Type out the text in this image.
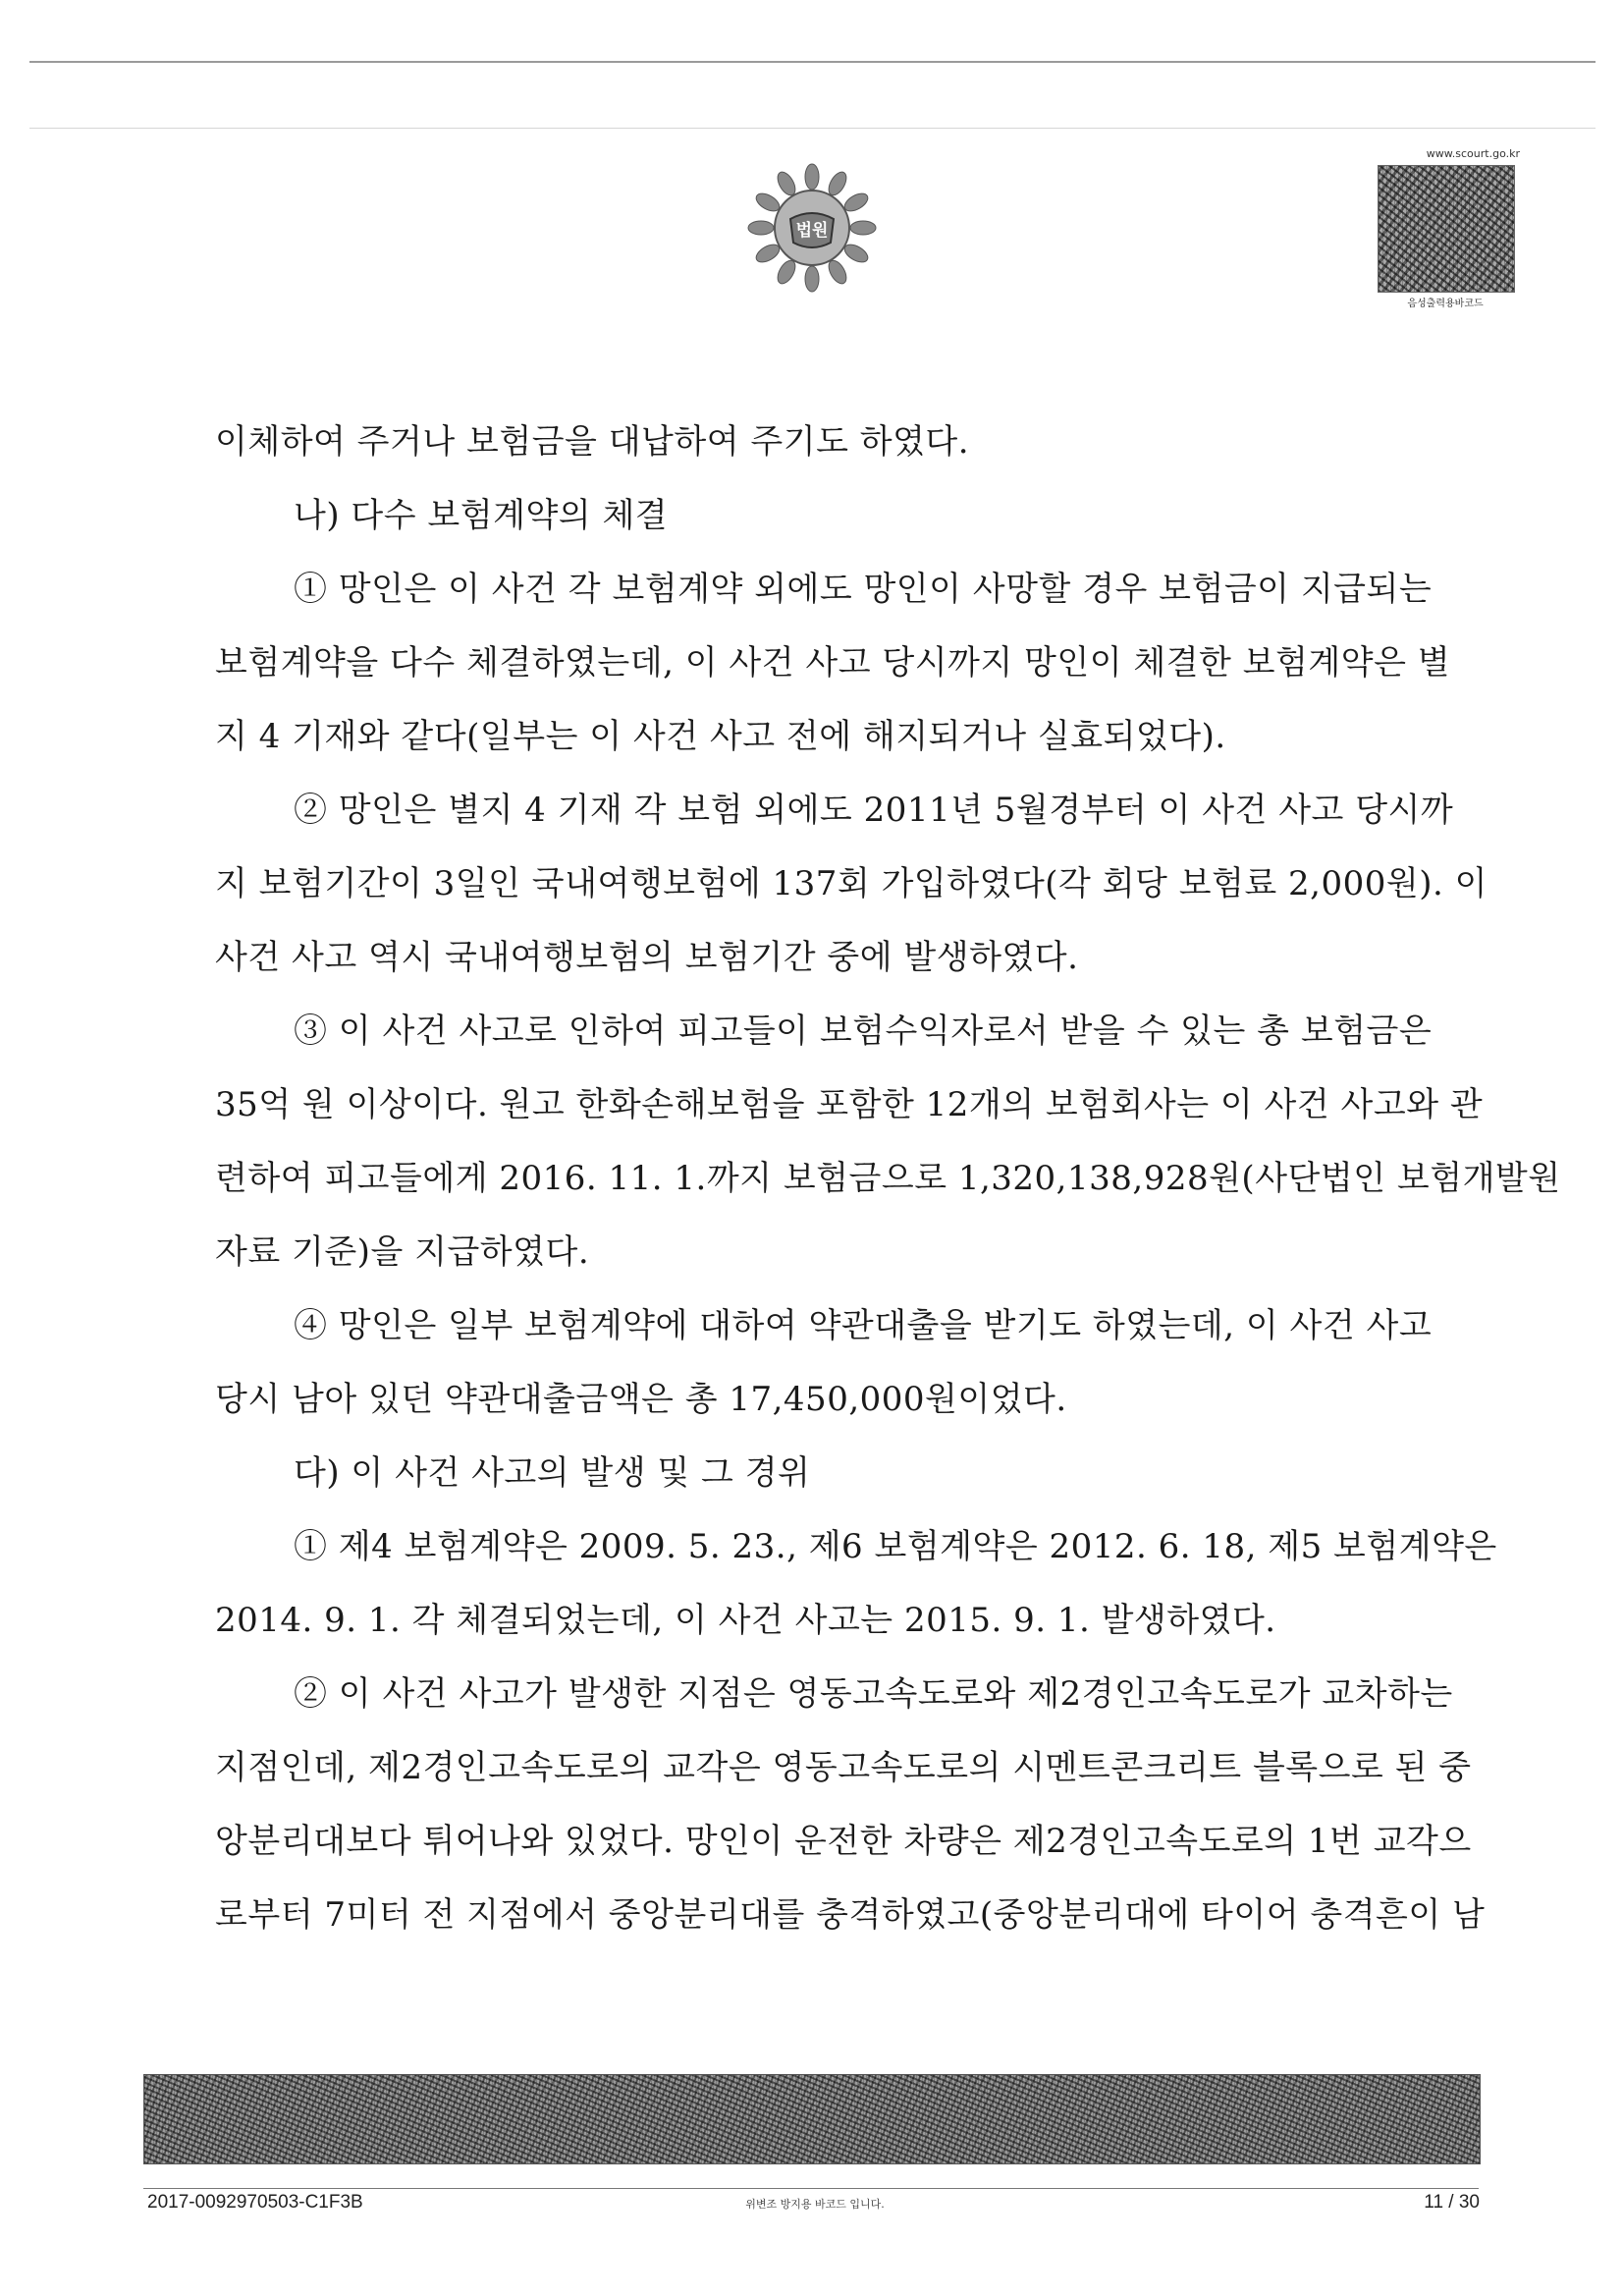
법원
www.scourt.go.kr
음성출력용바코드
이체하여 주거나 보험금을 대납하여 주기도 하였다.
나) 다수 보험계약의 체결
① 망인은 이 사건 각 보험계약 외에도 망인이 사망할 경우 보험금이 지급되는
보험계약을 다수 체결하였는데, 이 사건 사고 당시까지 망인이 체결한 보험계약은 별
지 4 기재와 같다(일부는 이 사건 사고 전에 해지되거나 실효되었다).
② 망인은 별지 4 기재 각 보험 외에도 2011년 5월경부터 이 사건 사고 당시까
지 보험기간이 3일인 국내여행보험에 137회 가입하였다(각 회당 보험료 2,000원). 이
사건 사고 역시 국내여행보험의 보험기간 중에 발생하였다.
③ 이 사건 사고로 인하여 피고들이 보험수익자로서 받을 수 있는 총 보험금은
35억 원 이상이다. 원고 한화손해보험을 포함한 12개의 보험회사는 이 사건 사고와 관
련하여 피고들에게 2016. 11. 1.까지 보험금으로 1,320,138,928원(사단법인 보험개발원
자료 기준)을 지급하였다.
④ 망인은 일부 보험계약에 대하여 약관대출을 받기도 하였는데, 이 사건 사고
당시 남아 있던 약관대출금액은 총 17,450,000원이었다.
다) 이 사건 사고의 발생 및 그 경위
① 제4 보험계약은 2009. 5. 23., 제6 보험계약은 2012. 6. 18, 제5 보험계약은
2014. 9. 1. 각 체결되었는데, 이 사건 사고는 2015. 9. 1. 발생하였다.
② 이 사건 사고가 발생한 지점은 영동고속도로와 제2경인고속도로가 교차하는
지점인데, 제2경인고속도로의 교각은 영동고속도로의 시멘트콘크리트 블록으로 된 중
앙분리대보다 튀어나와 있었다. 망인이 운전한 차량은 제2경인고속도로의 1번 교각으
로부터 7미터 전 지점에서 중앙분리대를 충격하였고(중앙분리대에 타이어 충격흔이 남
2017-0092970503-C1F3B	위변조 방지용 바코드 입니다.	11 / 30
